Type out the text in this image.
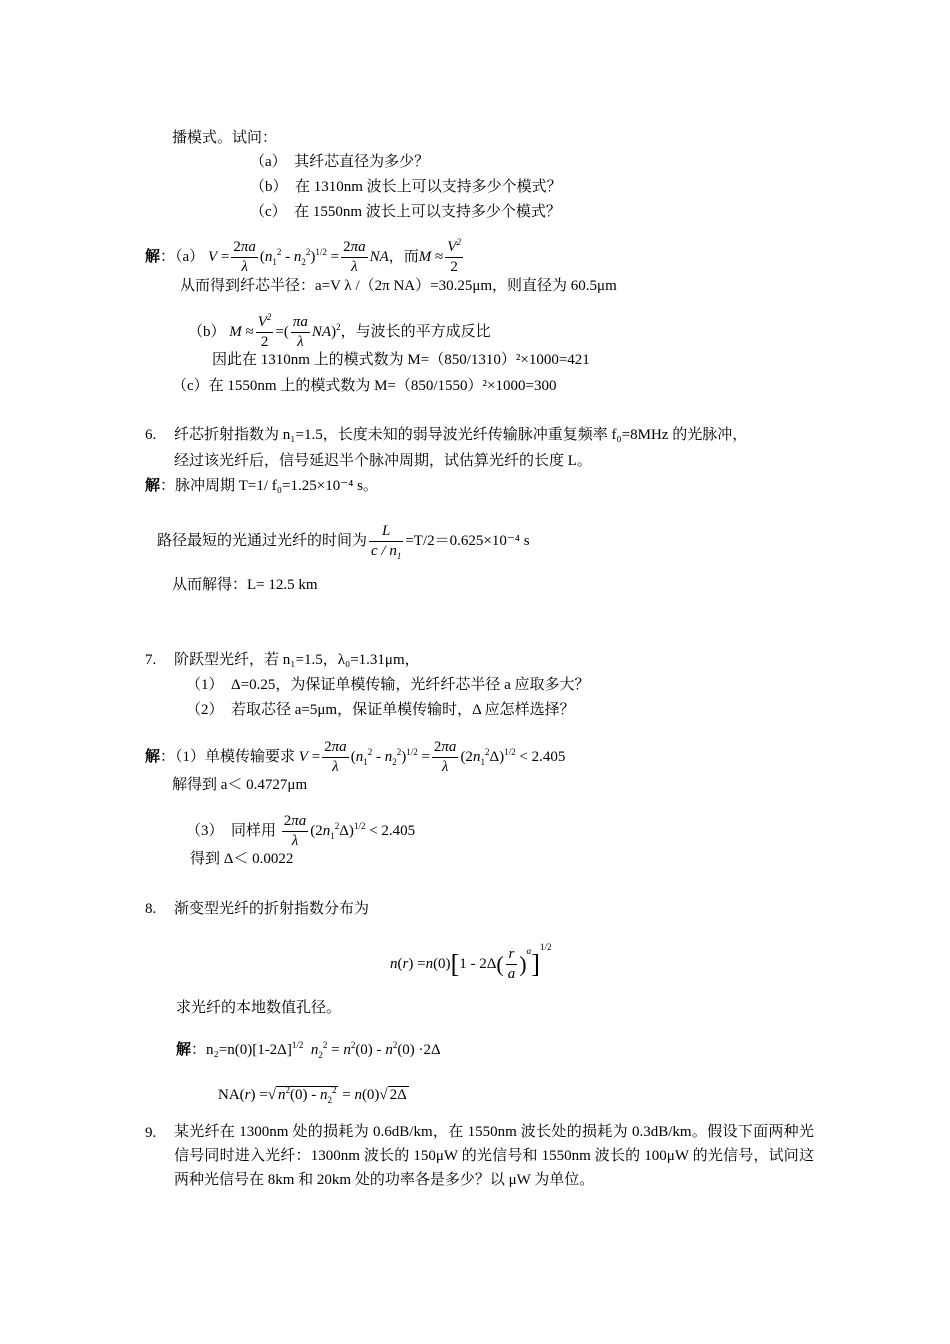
播模式。试问：
（a）　其纤芯直径为多少？
（b）　在 1310nm 波长上可以支持多少个模式？
（c）　在 1550nm 波长上可以支持多少个模式？
解：（a） $V = \frac{2\pi a}{\lambda} (n_1^2 - n_2^2)^{1/2} = \frac{2\pi a}{\lambda}$ NA，而$M \approx \frac{V^2}{2}$
从而得到纤芯半径：a=V λ /（2π NA）=30.25μm，则直径为 60.5μm
（b） $M \approx \frac{V^2}{2}$ =( $\frac{\pi a}{\lambda} NA)^2$，与波长的平方成反比
因此在 1310nm 上的模式数为 M=（850/1310）²×1000=421
（c）在 1550nm 上的模式数为 M=（850/1550）²×1000=300
6. 纤芯折射指数为 n₁=1.5，长度未知的弱导波光纤传输脉冲重复频率 f₀=8MHz 的光脉冲，
经过该光纤后，信号延迟半个脉冲周期，试估算光纤的长度 L。
解：脉冲周期 T=1/ f₀=1.25×10⁻⁴ s。
路径最短的光通过光纤的时间为 $\frac{L}{c / n_1} =T/2=0.625\times 10^{-4}$ s
从而解得：L= 12.5 km
7. 阶跃型光纤，若 n₁=1.5，λ₀=1.31μm，
（1）　Δ=0.25，为保证单模传输，光纤纤芯半径 a 应取多大？
（2）　若取芯径 a=5μm，保证单模传输时，Δ 应怎样选择？
解：（1）单模传输要求 $V = \frac{2\pi a}{\lambda} (n_1^2 - n_2^2)^{1/2} = \frac{2\pi a}{\lambda} (2n_1^2\Delta)^{1/2} < 2.405$
解得到 a＜ 0.4727μm
（3）　同样用 $\frac{2\pi a}{\lambda} (2n_1^2\Delta)^{1/2} < 2.405$
得到 Δ＜ 0.0022
8. 渐变型光纤的折射指数分布为
$n(r) =n(0)[1 - 2\Delta( \frac{r}{a} )^\alpha]^{1/2}$
求光纤的本地数值孔径。
解：$n_2=n(0)[1-2\Delta]^{1/2}$ $n_2^2 = n^2(0) - n^2(0) \cdot 2\Delta$
NA(r) =√ $n^2(0) - n_2^2 = n(0)√$ 2Δ
9. 某光纤在 1300nm 处的损耗为 0.6dB/km，在 1550nm 波长处的损耗为 0.3dB/km。假设下面两种光信号同时进入光纤：1300nm 波长的 150μW 的光信号和 1550nm 波长的 100μW 的光信号，试问这两种光信号在 8km 和 20km 处的功率各是多少？以 μW 为单位。
